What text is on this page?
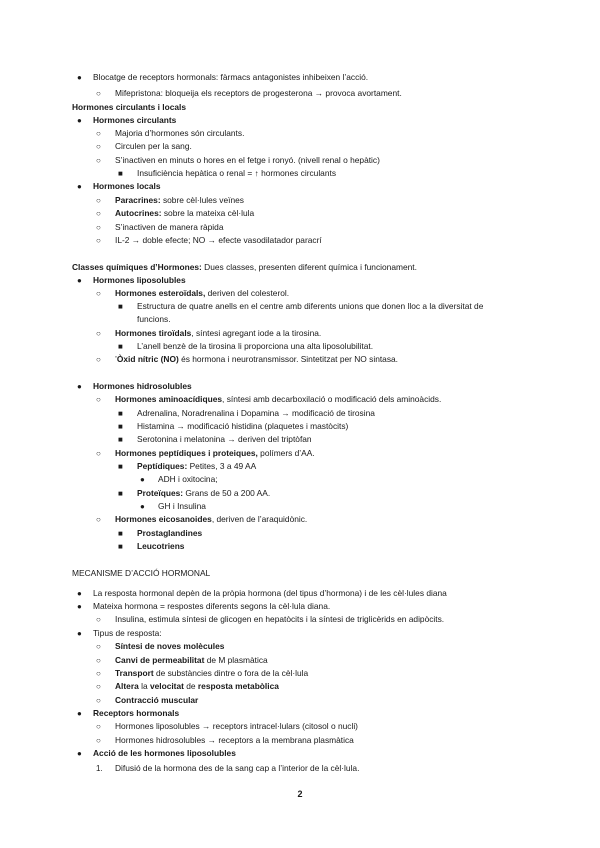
● Blocatge de receptors hormonals: fàrmacs antagonistes inhibeixen l’acció.
○ Mifepristona: bloqueija els receptors de progesterona → provoca avortament.
Hormones circulants i locals
● Hormones circulants
○ Majoria d’hormones són circulants.
○ Circulen per la sang.
○ S’inactiven en minuts o hores en el fetge i ronyó. (nivell renal o hepàtic)
■ Insuficiència hepàtica o renal = ↑ hormones circulants
● Hormones locals
○ Paracrines: sobre cèl·lules veïnes
○ Autocrines: sobre la mateixa cèl·lula
○ S’inactiven de manera ràpida
○ IL-2 → doble efecte; NO → efecte vasodilatador paracrí
Classes químiques d’Hormones: Dues classes, presenten diferent química i funcionament.
● Hormones liposolubles
○ Hormones esteroïdals, deriven del colesterol.
■ Estructura de quatre anells en el centre amb diferents unions que donen lloc a la diversitat de
funcions.
○ Hormones tiroïdals, síntesi agregant iode a la tirosina.
■ L’anell benzè de la tirosina li proporciona una alta liposolubilitat.
○ ’Òxid nítric (NO) és hormona i neurotransmissor. Sintetitzat per NO sintasa.
● Hormones hidrosolubles
○ Hormones aminoacídiques, síntesi amb decarboxilació o modificació dels aminoàcids.
■ Adrenalina, Noradrenalina i Dopamina → modificació de tirosina
■ Histamina → modificació histidina (plaquetes i mastòcits)
■ Serotonina i melatonina → deriven del triptòfan
○ Hormones peptídiques i proteiques, polímers d’AA.
■ Peptídiques: Petites, 3 a 49 AA
● ADH i oxitocina;
■ Proteïques: Grans de 50 a 200 AA.
● GH i Insulina
○ Hormones eicosanoides, deriven de l’araquidònic.
■ Prostaglandines
■ Leucotriens
MECANISME D’ACCIÓ HORMONAL
● La resposta hormonal depèn de la pròpia hormona (del tipus d’hormona) i de les cèl·lules diana
● Mateixa hormona = respostes diferents segons la cèl·lula diana.
○ Insulina, estimula síntesi de glicogen en hepatòcits i la síntesi de triglicèrids en adipòcits.
● Tipus de resposta:
○ Síntesi de noves molècules
○ Canvi de permeabilitat de M plasmàtica
○ Transport de substàncies dintre o fora de la cèl·lula
○ Altera la velocitat de resposta metabòlica
○ Contracció muscular
● Receptors hormonals
○ Hormones liposolubles → receptors intracel·lulars (citosol o nucli)
○ Hormones hidrosolubles → receptors a la membrana plasmàtica
● Acció de les hormones liposolubles
1. Difusió de la hormona des de la sang cap a l’interior de la cèl·lula.
2
